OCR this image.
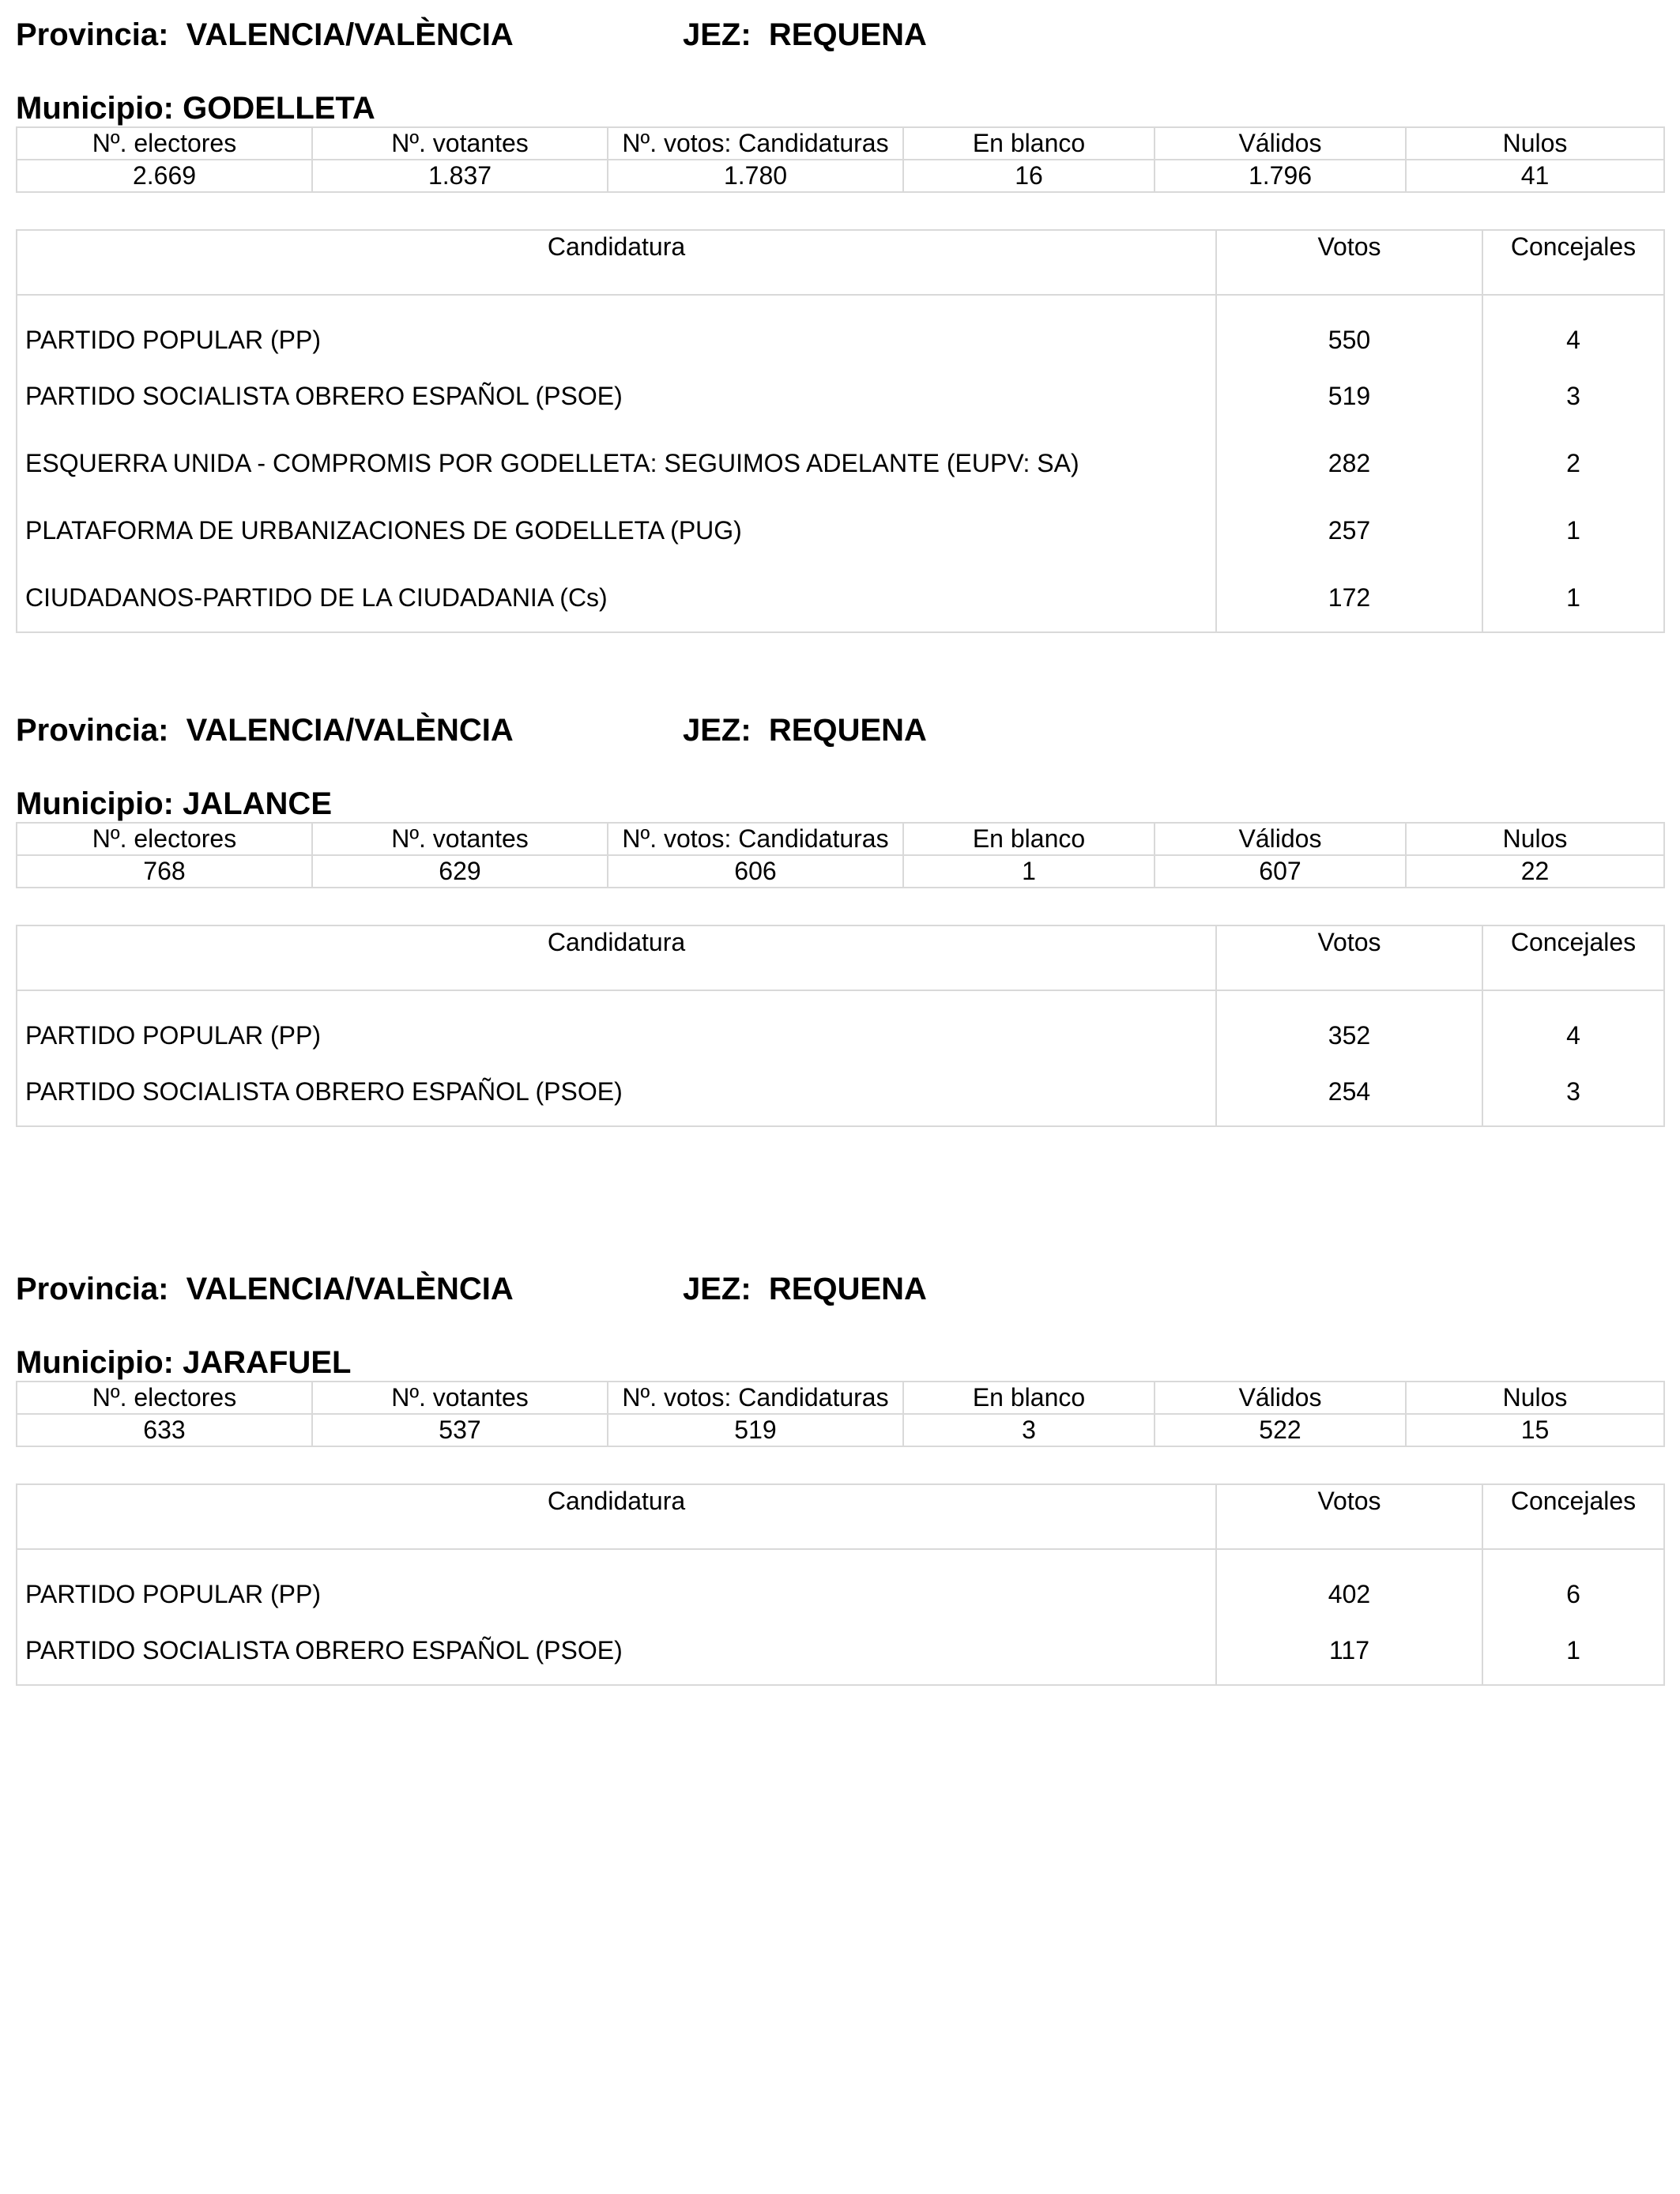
Provincia: VALENCIA/VALÈNCIA	JEZ: REQUENA
Municipio: GODELLETA
Nº. electores	Nº. votantes	Nº. votos: Candidaturas	En blanco	Válidos	Nulos
2.669	1.837	1.780	16	1.796	41
Candidatura	Votos	Concejales
PARTIDO POPULAR (PP)	550	4
PARTIDO SOCIALISTA OBRERO ESPAÑOL (PSOE)	519	3
ESQUERRA UNIDA - COMPROMIS POR GODELLETA: SEGUIMOS ADELANTE (EUPV: SA)	282	2
PLATAFORMA DE URBANIZACIONES DE GODELLETA (PUG)	257	1
CIUDADANOS-PARTIDO DE LA CIUDADANIA (Cs)	172	1
Provincia: VALENCIA/VALÈNCIA	JEZ: REQUENA
Municipio: JALANCE
Nº. electores	Nº. votantes	Nº. votos: Candidaturas	En blanco	Válidos	Nulos
768	629	606	1	607	22
Candidatura	Votos	Concejales
PARTIDO POPULAR (PP)	352	4
PARTIDO SOCIALISTA OBRERO ESPAÑOL (PSOE)	254	3
Provincia: VALENCIA/VALÈNCIA	JEZ: REQUENA
Municipio: JARAFUEL
Nº. electores	Nº. votantes	Nº. votos: Candidaturas	En blanco	Válidos	Nulos
633	537	519	3	522	15
Candidatura	Votos	Concejales
PARTIDO POPULAR (PP)	402	6
PARTIDO SOCIALISTA OBRERO ESPAÑOL (PSOE)	117	1
